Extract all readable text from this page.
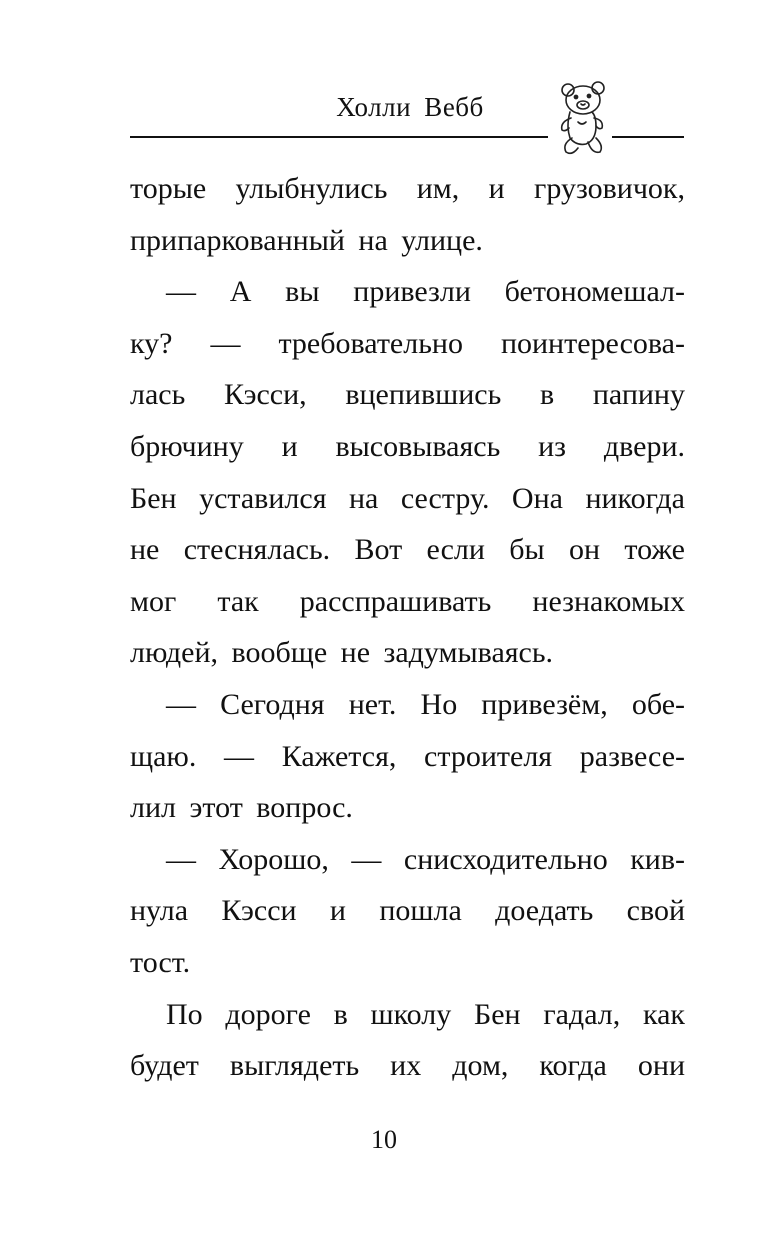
Холли Вебб
торые улыбнулись им, и грузовичок,
припаркованный на улице.
— А вы привезли бетономешал-
ку? — требовательно поинтересова-
лась Кэсси, вцепившись в папину
брючину и высовываясь из двери.
Бен уставился на сестру. Она никогда
не стеснялась. Вот если бы он тоже
мог так расспрашивать незнакомых
людей, вообще не задумываясь.
— Сегодня нет. Но привезём, обе-
щаю. — Кажется, строителя развесе-
лил этот вопрос.
— Хорошо, — снисходительно кив-
нула Кэсси и пошла доедать свой
тост.
По дороге в школу Бен гадал, как
будет выглядеть их дом, когда они
10
